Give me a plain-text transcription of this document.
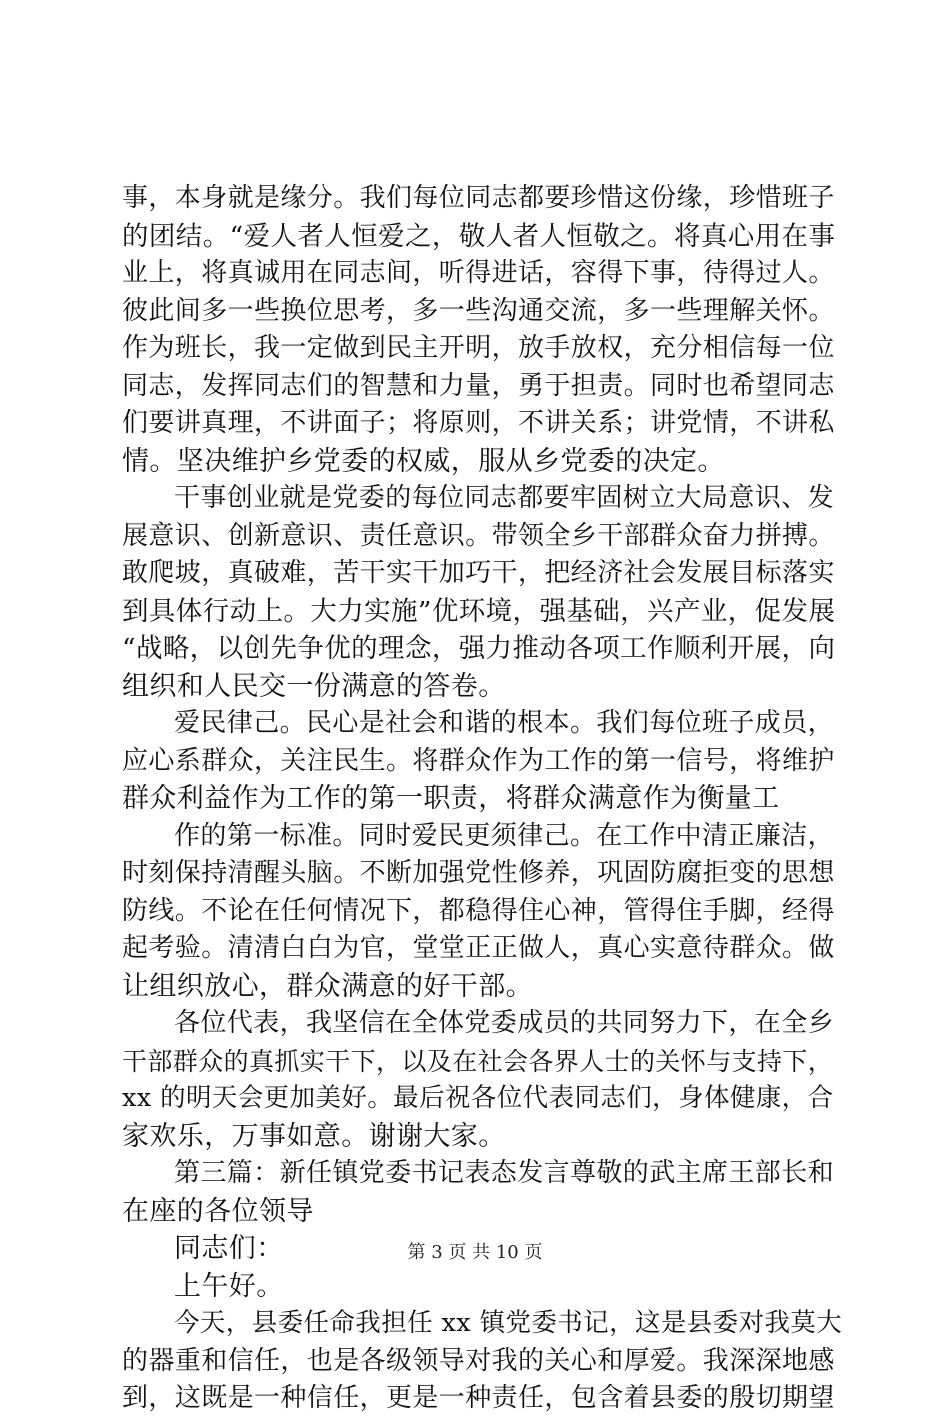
事，本身就是缘分。我们每位同志都要珍惜这份缘，珍惜班子
的团结。“爱人者人恒爱之，敬人者人恒敬之。将真心用在事
业上，将真诚用在同志间，听得进话，容得下事，待得过人。
彼此间多一些换位思考，多一些沟通交流，多一些理解关怀。
作为班长，我一定做到民主开明，放手放权，充分相信每一位
同志，发挥同志们的智慧和力量，勇于担责。同时也希望同志
们要讲真理，不讲面子；将原则，不讲关系；讲党情，不讲私
情。坚决维护乡党委的权威，服从乡党委的决定。
干事创业就是党委的每位同志都要牢固树立大局意识、发
展意识、创新意识、责任意识。带领全乡干部群众奋力拼搏。
敢爬坡，真破难，苦干实干加巧干，把经济社会发展目标落实
到具体行动上。大力实施”优环境，强基础，兴产业，促发展
“战略，以创先争优的理念，强力推动各项工作顺利开展，向
组织和人民交一份满意的答卷。
爱民律己。民心是社会和谐的根本。我们每位班子成员，
应心系群众，关注民生。将群众作为工作的第一信号，将维护
群众利益作为工作的第一职责，将群众满意作为衡量工
作的第一标准。同时爱民更须律己。在工作中清正廉洁，
时刻保持清醒头脑。不断加强党性修养，巩固防腐拒变的思想
防线。不论在任何情况下，都稳得住心神，管得住手脚，经得
起考验。清清白白为官，堂堂正正做人，真心实意待群众。做
让组织放心，群众满意的好干部。
各位代表，我坚信在全体党委成员的共同努力下，在全乡
干部群众的真抓实干下，以及在社会各界人士的关怀与支持下，
xx 的明天会更加美好。最后祝各位代表同志们，身体健康，合
家欢乐，万事如意。谢谢大家。
第三篇：新任镇党委书记表态发言尊敬的武主席王部长和
在座的各位领导
同志们：
上午好。
今天，县委任命我担任 xx 镇党委书记，这是县委对我莫大
的器重和信任，也是各级领导对我的关心和厚爱。我深深地感
到，这既是一种信任，更是一种责任，包含着县委的殷切期望
第 3 页 共 10 页
